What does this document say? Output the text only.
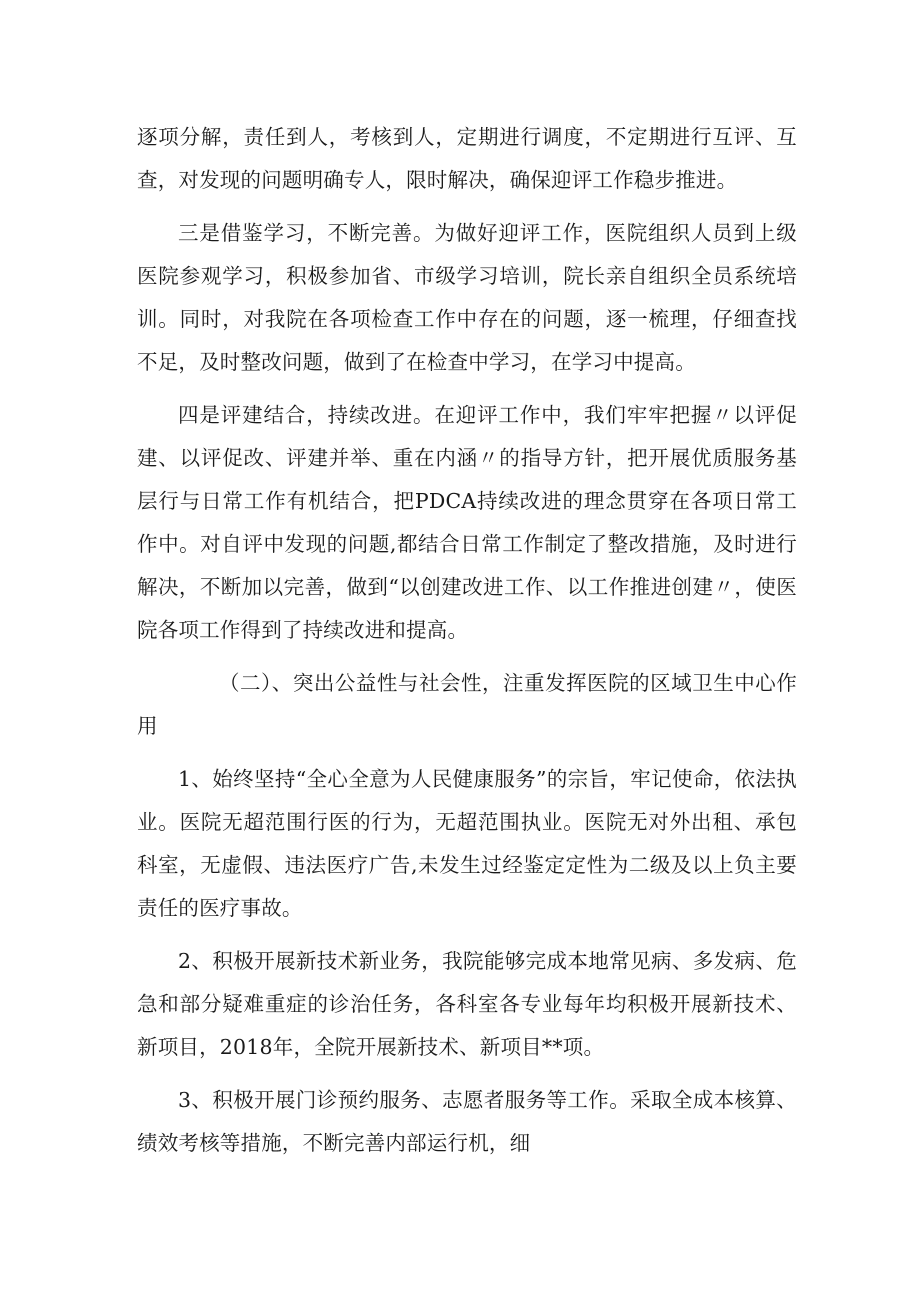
逐项分解，责任到人，考核到人，定期进行调度，不定期进行互评、互查，对发现的问题明确专人，限时解决，确保迎评工作稳步推进。

三是借鉴学习，不断完善。为做好迎评工作，医院组织人员到上级医院参观学习，积极参加省、市级学习培训，院长亲自组织全员系统培训。同时，对我院在各项检查工作中存在的问题，逐一梳理，仔细查找不足，及时整改问题，做到了在检查中学习，在学习中提高。

四是评建结合，持续改进。在迎评工作中，我们牢牢把握〃以评促建、以评促改、评建并举、重在内涵〃的指导方针，把开展优质服务基层行与日常工作有机结合，把PDCA持续改进的理念贯穿在各项日常工作中。对自评中发现的问题,都结合日常工作制定了整改措施，及时进行解决，不断加以完善，做到“以创建改进工作、以工作推进创建〃，使医院各项工作得到了持续改进和提高。

（二）、突出公益性与社会性，注重发挥医院的区域卫生中心作用

1、始终坚持“全心全意为人民健康服务”的宗旨，牢记使命，依法执业。医院无超范围行医的行为，无超范围执业。医院无对外出租、承包科室，无虚假、违法医疗广告,未发生过经鉴定定性为二级及以上负主要责任的医疗事故。

2、积极开展新技术新业务，我院能够完成本地常见病、多发病、危急和部分疑难重症的诊治任务，各科室各专业每年均积极开展新技术、新项目，2018年，全院开展新技术、新项目**项。

3、积极开展门诊预约服务、志愿者服务等工作。采取全成本核算、绩效考核等措施，不断完善内部运行机，细
